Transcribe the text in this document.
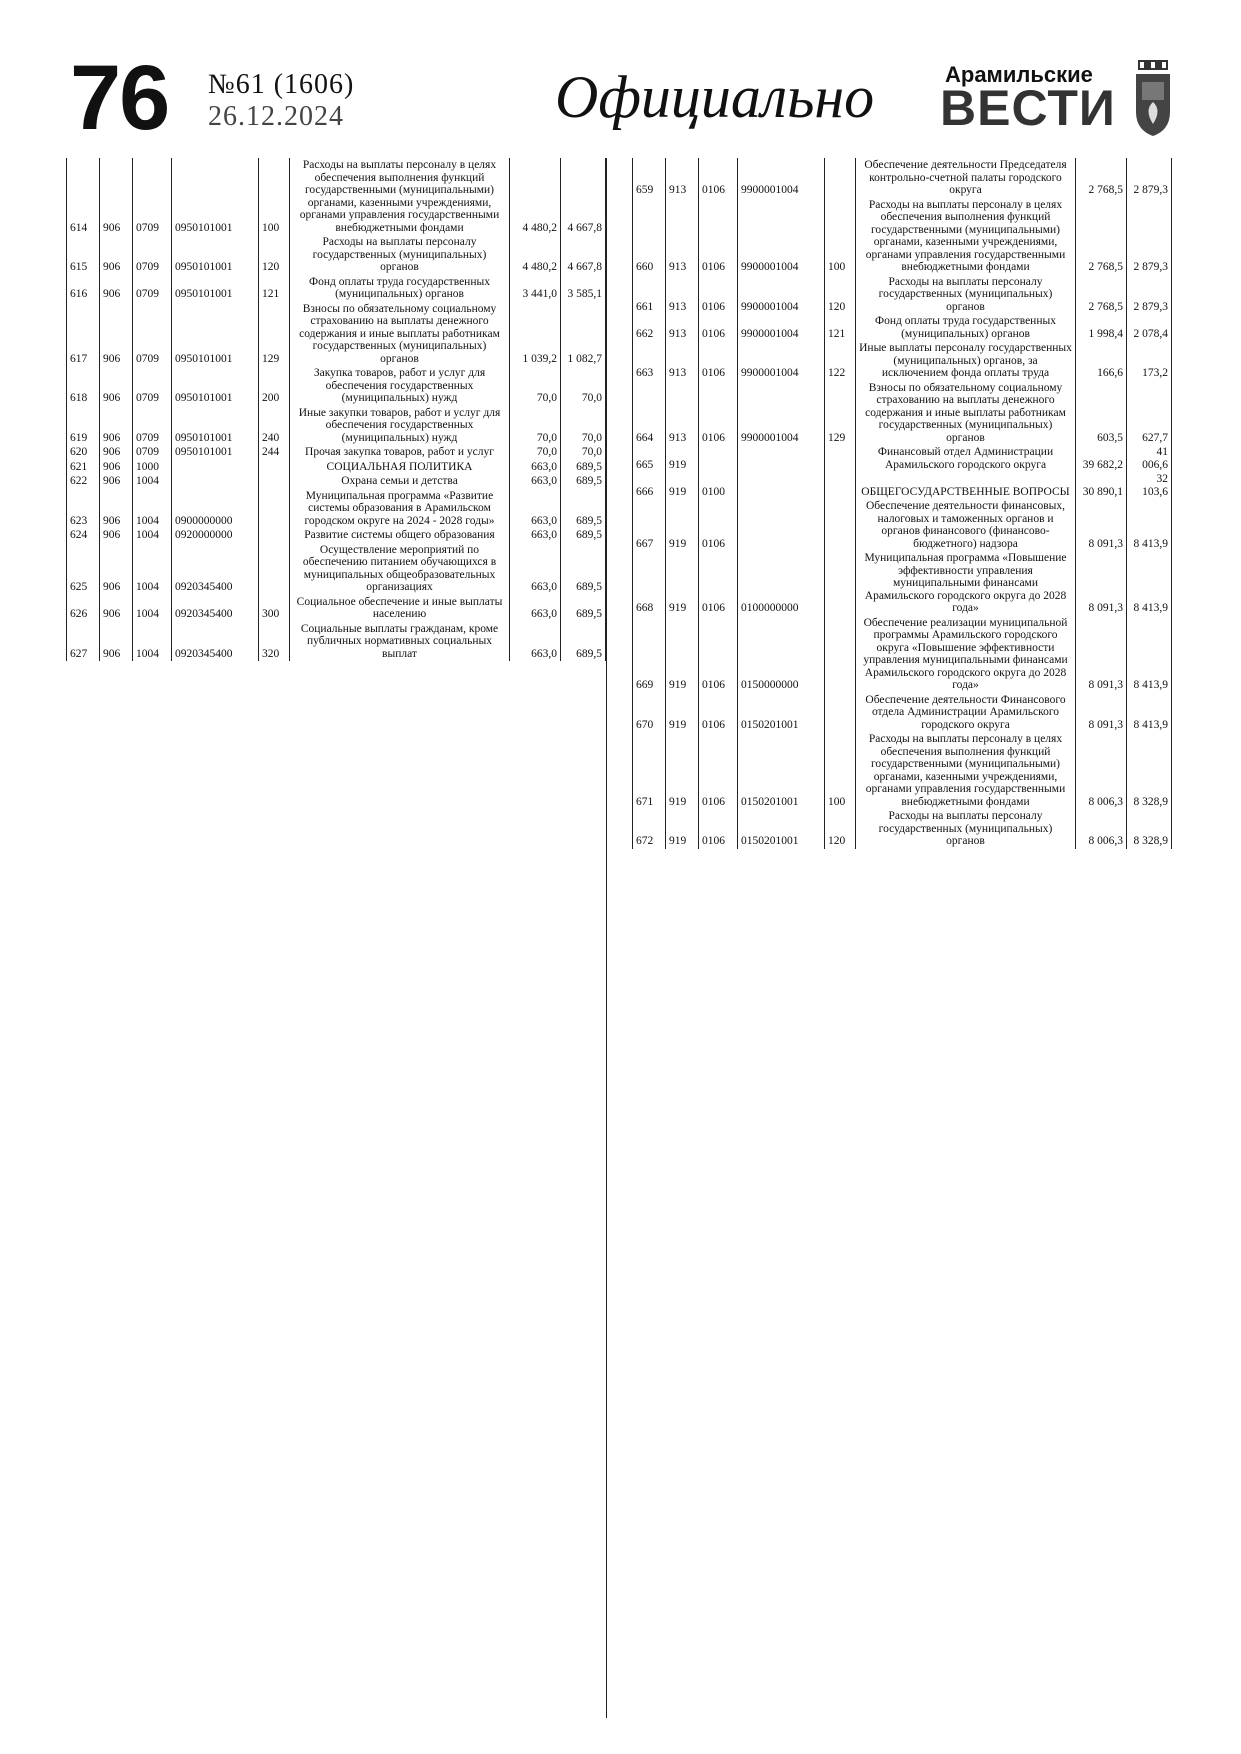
76 №61 (1606)
26.12.2024	Официально	Арамильские
ВЕСТИ
614	906	0709	0950101001	100	Расходы на выплаты персоналу в целях обеспечения выполнения функций государственными (муниципальными) органами, казенными учреждениями, органами управления государственными внебюджетными фондами	4 480,2	4 667,8
615	906	0709	0950101001	120	Расходы на выплаты персоналу государственных (муниципальных) органов	4 480,2	4 667,8
616	906	0709	0950101001	121	Фонд оплаты труда государственных (муниципальных) органов	3 441,0	3 585,1
617	906	0709	0950101001	129	Взносы по обязательному социальному страхованию на выплаты денежного содержания и иные выплаты работникам государственных (муниципальных) органов	1 039,2	1 082,7
618	906	0709	0950101001	200	Закупка товаров, работ и услуг для обеспечения государственных (муниципальных) нужд	70,0	70,0
619	906	0709	0950101001	240	Иные закупки товаров, работ и услуг для обеспечения государственных (муниципальных) нужд	70,0	70,0
620	906	0709	0950101001	244	Прочая закупка товаров, работ и услуг	70,0	70,0
621	906	1000			СОЦИАЛЬНАЯ ПОЛИТИКА	663,0	689,5
622	906	1004			Охрана семьи и детства	663,0	689,5
623	906	1004	0900000000		Муниципальная программа «Развитие системы образования в Арамильском городском округе на 2024 - 2028 годы»	663,0	689,5
624	906	1004	0920000000		Развитие системы общего образования	663,0	689,5
625	906	1004	0920345400		Осуществление мероприятий по обеспечению питанием обучающихся в муниципальных общеобразовательных организациях	663,0	689,5
626	906	1004	0920345400	300	Социальное обеспечение и иные выплаты населению	663,0	689,5
627	906	1004	0920345400	320	Социальные выплаты гражданам, кроме публичных нормативных социальных выплат	663,0	689,5
659	913	0106	9900001004		Обеспечение деятельности Председателя контрольно-счетной палаты городского округа	2 768,5	2 879,3
660	913	0106	9900001004	100	Расходы на выплаты персоналу в целях обеспечения выполнения функций государственными (муниципальными) органами, казенными учреждениями, органами управления государственными внебюджетными фондами	2 768,5	2 879,3
661	913	0106	9900001004	120	Расходы на выплаты персоналу государственных (муниципальных) органов	2 768,5	2 879,3
662	913	0106	9900001004	121	Фонд оплаты труда государственных (муниципальных) органов	1 998,4	2 078,4
663	913	0106	9900001004	122	Иные выплаты персоналу государственных (муниципальных) органов, за исключением фонда оплаты труда	166,6	173,2
664	913	0106	9900001004	129	Взносы по обязательному социальному страхованию на выплаты денежного содержания и иные выплаты работникам государственных (муниципальных) органов	603,5	627,7
665	919				Финансовый отдел Администрации Арамильского городского округа	39 682,2	41 006,6
666	919	0100			ОБЩЕГОСУДАРСТВЕННЫЕ ВОПРОСЫ	30 890,1	32 103,6
667	919	0106			Обеспечение деятельности финансовых, налоговых и таможенных органов и органов финансового (финансово-бюджетного) надзора	8 091,3	8 413,9
668	919	0106	0100000000		Муниципальная программа «Повышение эффективности управления муниципальными финансами Арамильского городского округа до 2028 года»	8 091,3	8 413,9
669	919	0106	0150000000		Обеспечение реализации муниципальной программы Арамильского городского округа «Повышение эффективности управления муниципальными финансами Арамильского городского округа до 2028 года»	8 091,3	8 413,9
670	919	0106	0150201001		Обеспечение деятельности Финансового отдела Администрации Арамильского городского округа	8 091,3	8 413,9
671	919	0106	0150201001	100	Расходы на выплаты персоналу в целях обеспечения выполнения функций государственными (муниципальными) органами, казенными учреждениями, органами управления государственными внебюджетными фондами	8 006,3	8 328,9
672	919	0106	0150201001	120	Расходы на выплаты персоналу государственных (муниципальных) органов	8 006,3	8 328,9
